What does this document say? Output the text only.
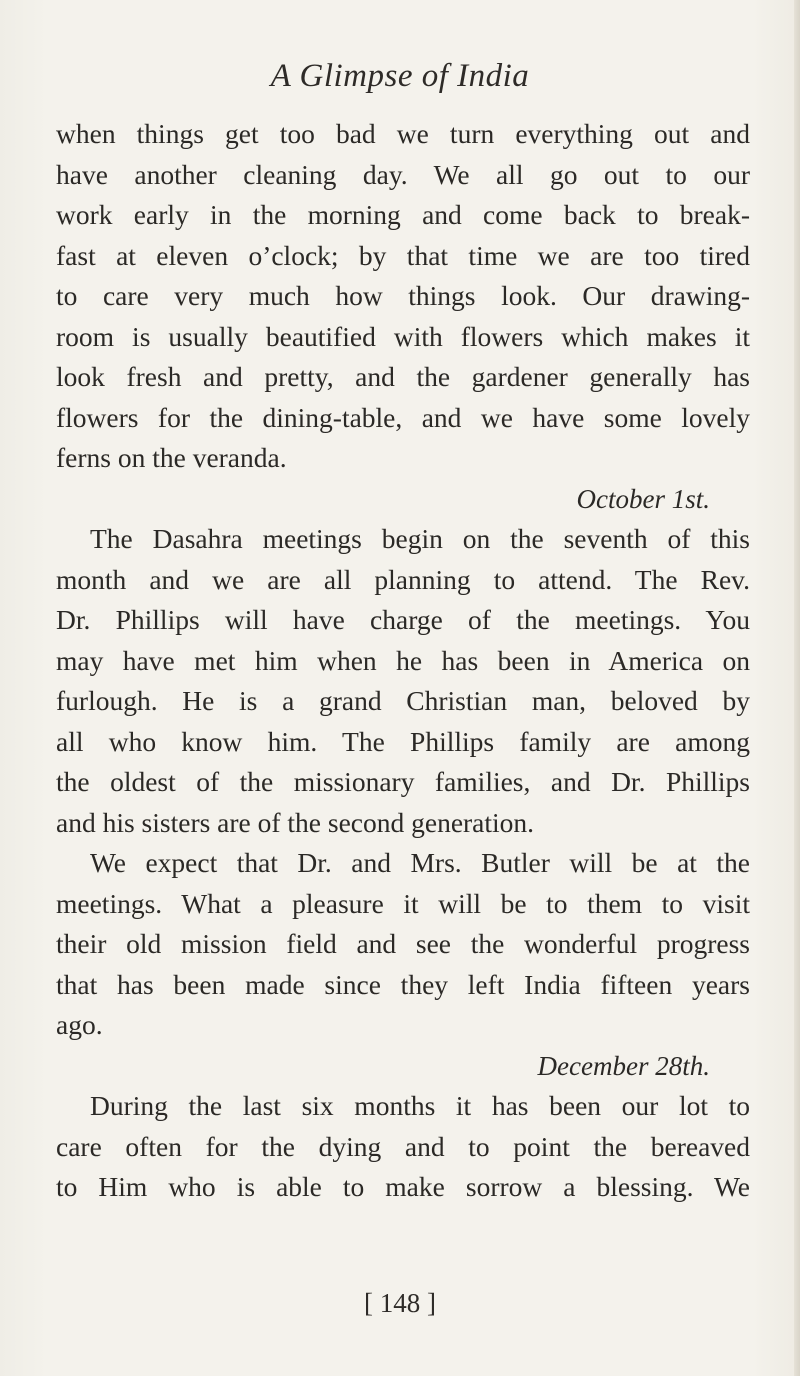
A Glimpse of India
when things get too bad we turn everything out and
have another cleaning day. We all go out to our
work early in the morning and come back to break-
fast at eleven o’clock; by that time we are too tired
to care very much how things look. Our drawing-
room is usually beautified with flowers which makes it
look fresh and pretty, and the gardener generally has
flowers for the dining-table, and we have some lovely
ferns on the veranda.
October 1st.
The Dasahra meetings begin on the seventh of this
month and we are all planning to attend. The Rev.
Dr. Phillips will have charge of the meetings. You
may have met him when he has been in America on
furlough. He is a grand Christian man, beloved by
all who know him. The Phillips family are among
the oldest of the missionary families, and Dr. Phillips
and his sisters are of the second generation.
We expect that Dr. and Mrs. Butler will be at the
meetings. What a pleasure it will be to them to visit
their old mission field and see the wonderful progress
that has been made since they left India fifteen years
ago.
December 28th.
During the last six months it has been our lot to
care often for the dying and to point the bereaved
to Him who is able to make sorrow a blessing. We
[ 148 ]
